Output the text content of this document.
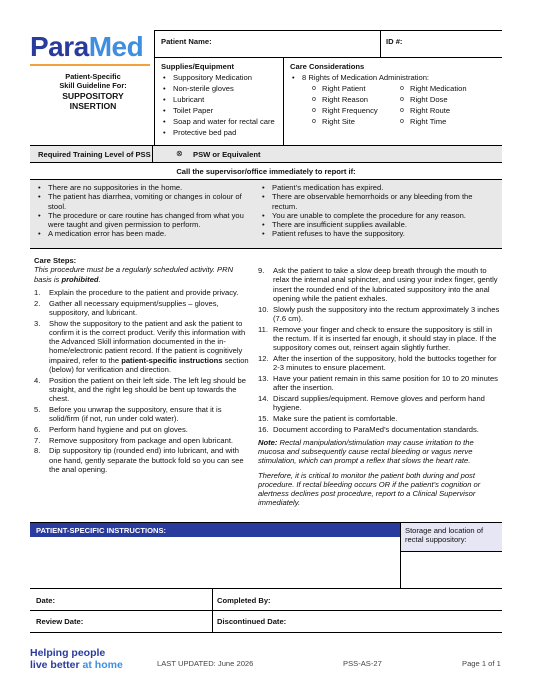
ParaMed
Patient-Specific
Skill Guideline For:
SUPPOSITORY
INSERTION
Patient Name:	ID #:
Supplies/Equipment
• Suppository Medication
• Non-sterile gloves
• Lubricant
• Toilet Paper
• Soap and water for rectal care
• Protective bed pad
Care Considerations
• 8 Rights of Medication Administration:
o Right Patient
o Right Reason
o Right Frequency
o Right Site
o Right Medication
o Right Dose
o Right Route
o Right Time
Required Training Level of PSS	⊗ PSW or Equivalent
Call the supervisor/office immediately to report if:
• There are no suppositories in the home.
• The patient has diarrhea, vomiting or changes in colour of stool.
• The procedure or care routine has changed from what you were taught and given permission to perform.
• A medication error has been made.
• Patient’s medication has expired.
• There are observable hemorrhoids or any bleeding from the rectum.
• You are unable to complete the procedure for any reason.
• There are insufficient supplies available.
• Patient refuses to have the suppository.
Care Steps:
This procedure must be a regularly scheduled activity. PRN basis is prohibited.
1. Explain the procedure to the patient and provide privacy.
2. Gather all necessary equipment/supplies – gloves, suppository, and lubricant.
3. Show the suppository to the patient and ask the patient to confirm it is the correct product. Verify this information with the Advanced Skill information documented in the in-home/electronic patient record. If the patient is cognitively impaired, refer to the patient-specific instructions section (below) for verification and direction.
4. Position the patient on their left side. The left leg should be straight, and the right leg should be bent up towards the chest.
5. Before you unwrap the suppository, ensure that it is solid/firm (if not, run under cold water).
6. Perform hand hygiene and put on gloves.
7. Remove suppository from package and open lubricant.
8. Dip suppository tip (rounded end) into lubricant, and with one hand, gently separate the buttock fold so you can see the anal opening.
9. Ask the patient to take a slow deep breath through the mouth to relax the internal anal sphincter, and using your index finger, gently insert the rounded end of the lubricated suppository into the anal opening while the patient exhales.
10. Slowly push the suppository into the rectum approximately 3 inches (7.6 cm).
11. Remove your finger and check to ensure the suppository is still in the rectum. If it is inserted far enough, it should stay in place. If the suppository comes out, reinsert again slightly further.
12. After the insertion of the suppository, hold the buttocks together for 2-3 minutes to ensure placement.
13. Have your patient remain in this same position for 10 to 20 minutes after the insertion.
14. Discard supplies/equipment. Remove gloves and perform hand hygiene.
15. Make sure the patient is comfortable.
16. Document according to ParaMed’s documentation standards.
Note: Rectal manipulation/stimulation may cause irritation to the mucosa and subsequently cause rectal bleeding or vagus nerve stimulation, which can prompt a reflex that slows the heart rate.
Therefore, it is critical to monitor the patient both during and post procedure. If rectal bleeding occurs OR if the patient’s cognition or alertness declines post procedure, report to a Clinical Supervisor immediately.
PATIENT-SPECIFIC INSTRUCTIONS:	Storage and location of rectal suppository:
Date:	Completed By:
Review Date:	Discontinued Date:
Helping people
live better at home	LAST UPDATED: June 2026	PSS-AS-27	Page 1 of 1
